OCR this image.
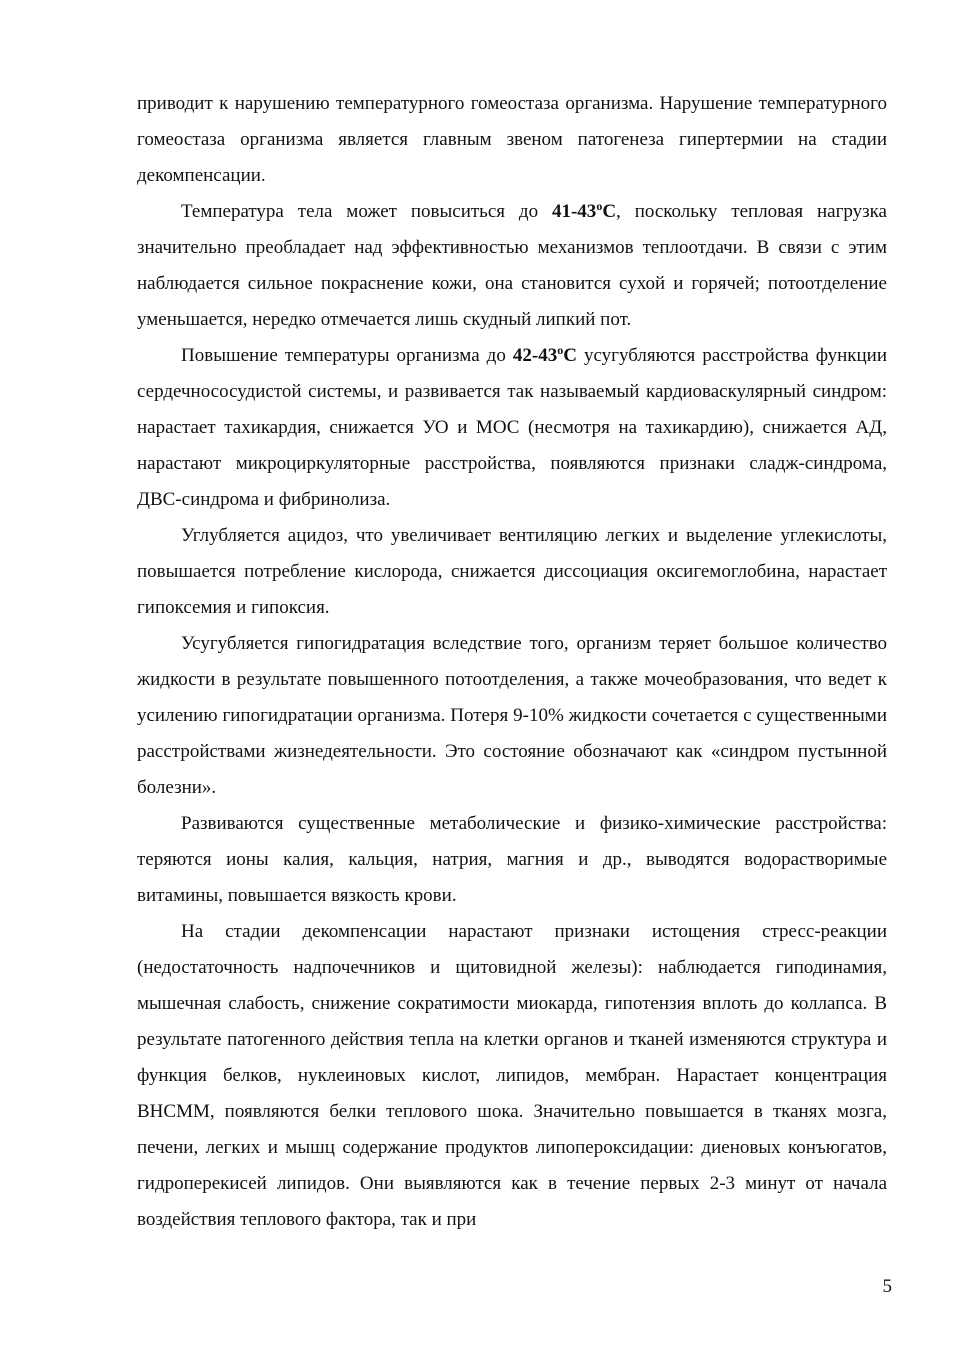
приводит к нарушению температурного гомеостаза организма. Нарушение температурного гомеостаза организма является главным звеном патогенеза гипертермии на стадии декомпенсации.

Температура тела может повыситься до 41-43$^o$С, поскольку тепловая нагрузка значительно преобладает над эффективностью механизмов теплоотдачи. В связи с этим наблюдается сильное покраснение кожи, она становится сухой и горячей; потоотделение уменьшается, нередко отмечается лишь скудный липкий пот.

Повышение температуры организма до 42-43$^o$С усугубляются расстройства функции сердечнососудистой системы, и развивается так называемый кардиоваскулярный синдром: нарастает тахикардия, снижается УО и МОС (несмотря на тахикардию), снижается АД, нарастают микроциркуляторные расстройства, появляются признаки сладж-синдрома, ДВС-синдрома и фибринолиза.

Углубляется ацидоз, что увеличивает вентиляцию легких и выделение углекислоты, повышается потребление кислорода, снижается диссоциация оксигемоглобина, нарастает гипоксемия и гипоксия.

Усугубляется гипогидратация вследствие того, организм теряет большое количество жидкости в результате повышенного потоотделения, а также мочеобразования, что ведет к усилению гипогидратации организма. Потеря 9-10% жидкости сочетается с существенными расстройствами жизнедеятельности. Это состояние обозначают как «синдром пустынной болезни».

Развиваются существенные метаболические и физико-химические расстройства: теряются ионы калия, кальция, натрия, магния и др., выводятся водорастворимые витамины, повышается вязкость крови.

На стадии декомпенсации нарастают признаки истощения стресс-реакции (недостаточность надпочечников и щитовидной железы): наблюдается гиподинамия, мышечная слабость, снижение сократимости миокарда, гипотензия вплоть до коллапса. В результате патогенного действия тепла на клетки органов и тканей изменяются структура и функция белков, нуклеиновых кислот, липидов, мембран. Нарастает концентрация ВНСММ, появляются белки теплового шока. Значительно повышается в тканях мозга, печени, легких и мышц содержание продуктов липопероксидации: диеновых конъюгатов, гидроперекисей липидов. Они выявляются как в течение первых 2-3 минут от начала воздействия теплового фактора, так и при

5
